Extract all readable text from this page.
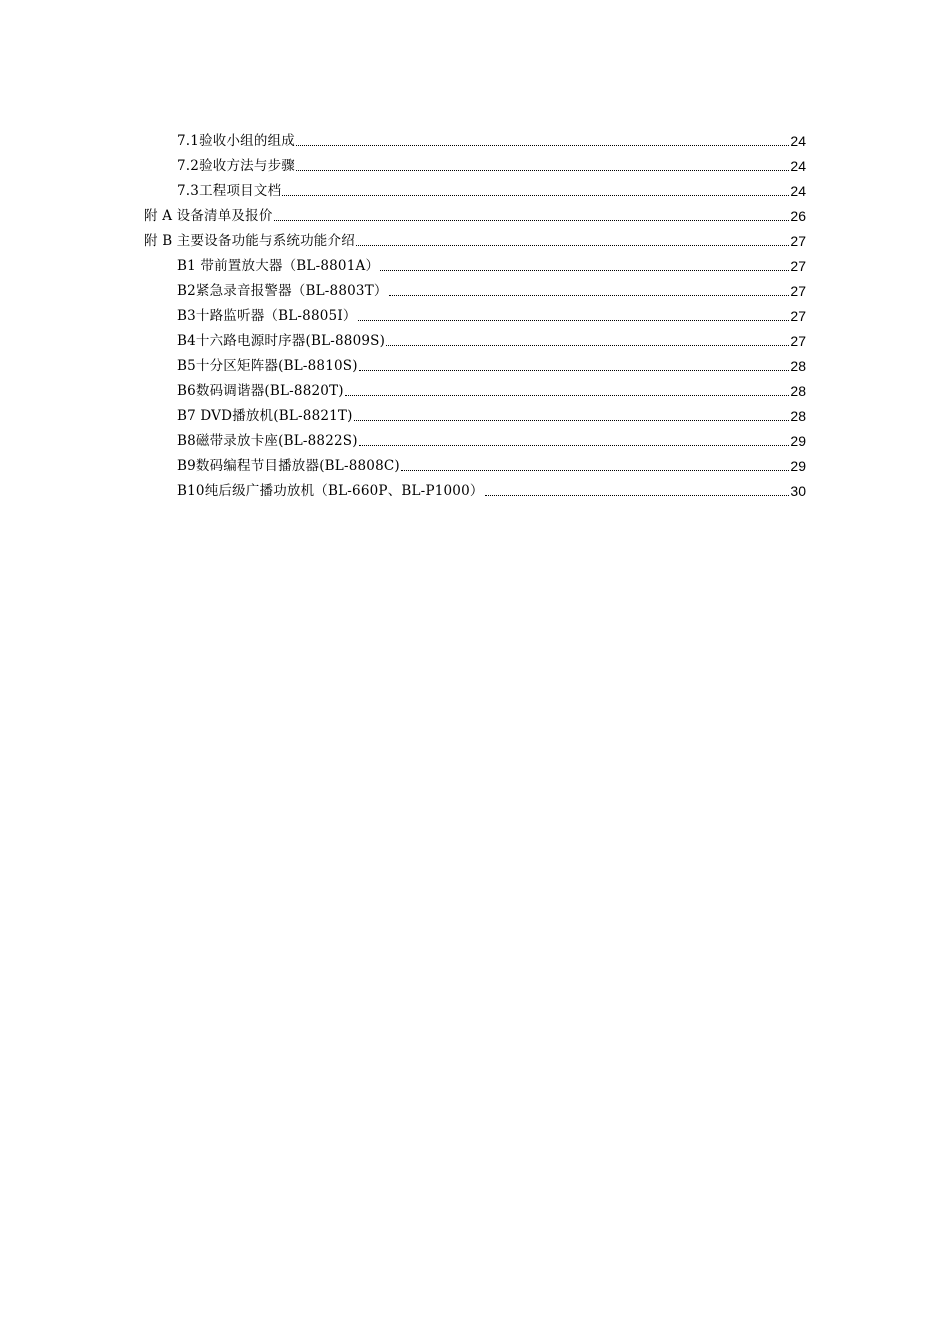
7.1验收小组的组成	24
7.2验收方法与步骤	24
7.3工程项目文档	24
附 A 设备清单及报价	26
附 B 主要设备功能与系统功能介绍	27
B1 带前置放大器（BL-8801A）	27
B2紧急录音报警器（BL-8803T）	27
B3十路监听器（BL-8805I）	27
B4十六路电源时序器(BL-8809S)	27
B5十分区矩阵器(BL-8810S)	28
B6数码调谐器(BL-8820T)	28
B7 DVD播放机(BL-8821T)	28
B8磁带录放卡座(BL-8822S)	29
B9数码编程节目播放器(BL-8808C)	29
B10纯后级广播功放机（BL-660P、BL-P1000）	30
